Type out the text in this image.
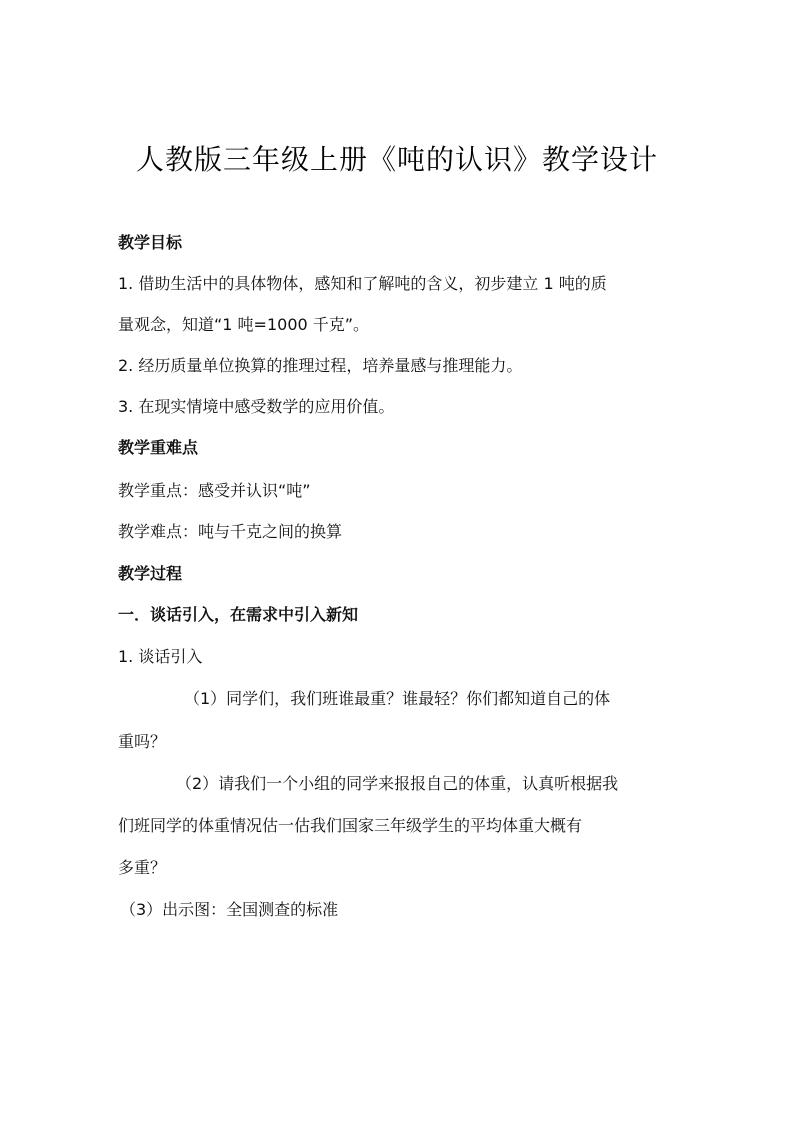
人教版三年级上册《吨的认识》教学设计
教学目标
1. 借助生活中的具体物体，感知和了解吨的含义，初步建立 1 吨的质
量观念，知道“1 吨=1000 千克”。
2. 经历质量单位换算的推理过程，培养量感与推理能力。
3. 在现实情境中感受数学的应用价值。
教学重难点
教学重点：感受并认识“吨”
教学难点：吨与千克之间的换算
教学过程
一．谈话引入，在需求中引入新知
1. 谈话引入
（1）同学们，我们班谁最重？谁最轻？你们都知道自己的体
重吗？
（2）请我们一个小组的同学来报报自己的体重，认真听根据我
们班同学的体重情况估一估我们国家三年级学生的平均体重大概有
多重？
（3）出示图：全国测查的标准
